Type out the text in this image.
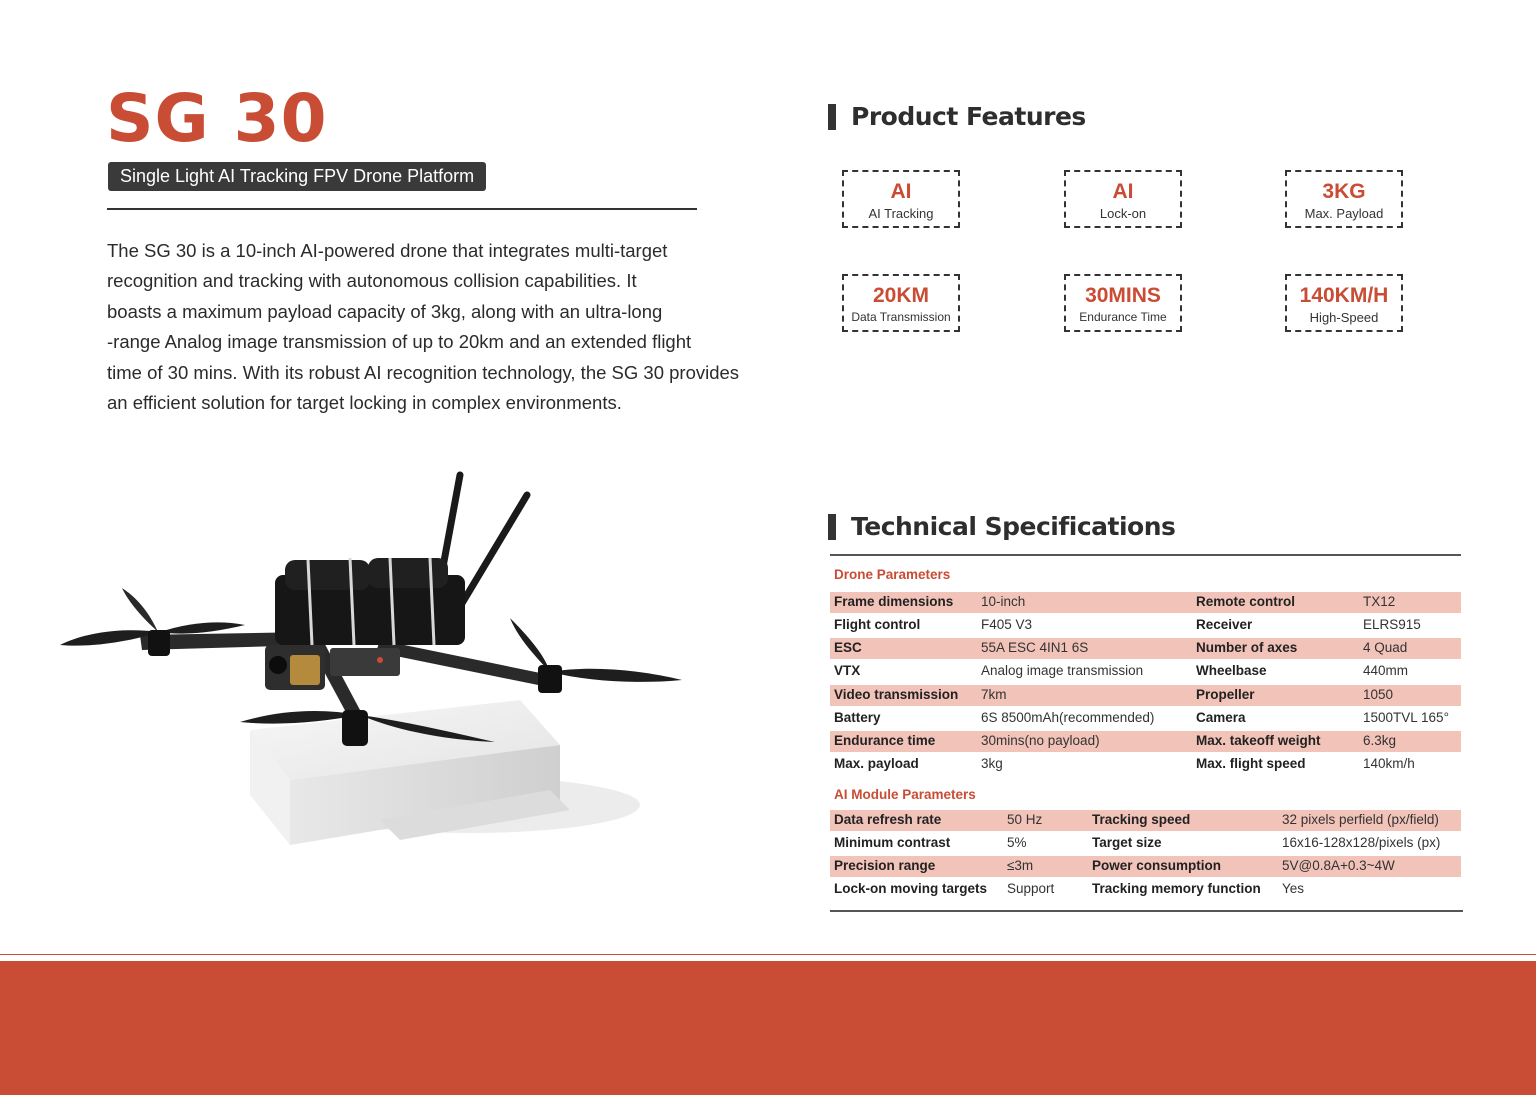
SG 30
Single Light AI Tracking FPV Drone Platform
The SG 30 is a 10-inch AI-powered drone that integrates multi-target
recognition and tracking with autonomous collision capabilities. It
boasts a maximum payload capacity of 3kg, along with an ultra-long
-range Analog image transmission of up to 20km and an extended flight
time of 30 mins. With its robust AI recognition technology, the SG 30 provides
an efficient solution for target locking in complex environments.
Product Features
AI
AI Tracking
AI
Lock-on
3KG
Max. Payload
20KM
Data Transmission
30MINS
Endurance Time
140KM/H
High-Speed
Technical Specifications
Drone Parameters
Frame dimensions 10-inch	Remote control	TX12
Flight control	F405 V3	Receiver	ELRS915
ESC	55A ESC 4IN1 6S	Number of axes	4 Quad
VTX	Analog image transmission	Wheelbase	440mm
Video transmission 7km	Propeller	1050
Battery	6S 8500mAh(recommended)	Camera	1500TVL 165°
Endurance time	30mins(no payload)	Max. takeoff weight	6.3kg
Max. payload	3kg	Max. flight speed	140km/h
AI Module Parameters
Data refresh rate	50 Hz	Tracking speed	32 pixels perfield (px/field)
Minimum contrast	5%	Target size	16x16-128x128/pixels (px)
Precision range	≤3m	Power consumption	5V@0.8A+0.3~4W
Lock-on moving targets Support	Tracking memory function Yes
